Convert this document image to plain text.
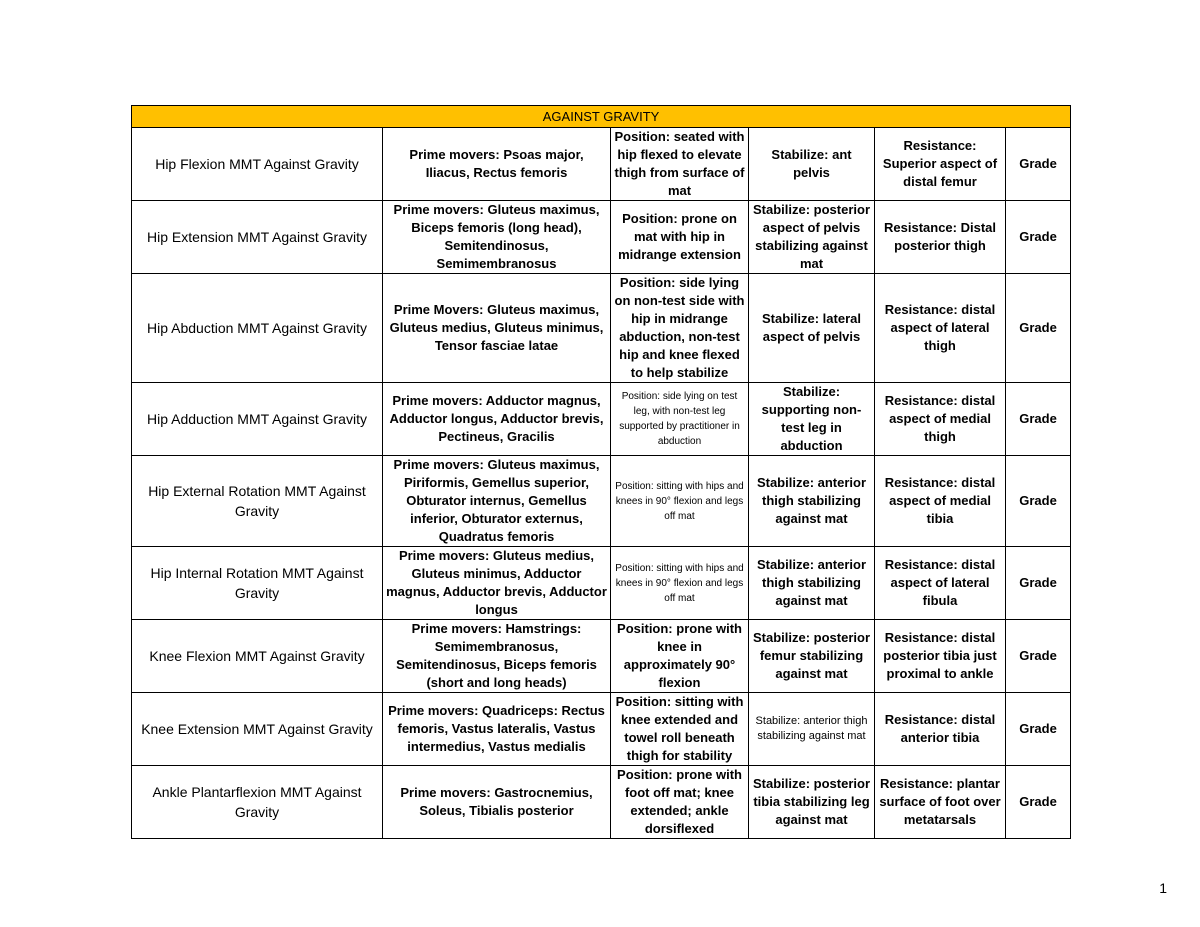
AGAINST GRAVITY					
Hip Flexion MMT Against Gravity	Prime movers: Psoas major, Iliacus, Rectus femoris	Position: seated with hip flexed to elevate thigh from surface of mat	Stabilize: ant pelvis	Resistance: Superior aspect of distal femur	Grade
Hip Extension MMT Against Gravity	Prime movers: Gluteus maximus, Biceps femoris (long head), Semitendinosus, Semimembranosus	Position: prone on mat with hip in midrange extension	Stabilize: posterior aspect of pelvis stabilizing against mat	Resistance: Distal posterior thigh	Grade
Hip Abduction MMT Against Gravity	Prime Movers: Gluteus maximus, Gluteus medius, Gluteus minimus, Tensor fasciae latae	Position: side lying on non-test side with hip in midrange abduction, non-test hip and knee flexed to help stabilize	Stabilize: lateral aspect of pelvis	Resistance: distal aspect of lateral thigh	Grade
Hip Adduction MMT Against Gravity	Prime movers: Adductor magnus, Adductor longus, Adductor brevis, Pectineus, Gracilis	Position: side lying on test leg, with non-test leg supported by practitioner in abduction	Stabilize: supporting non-test leg in abduction	Resistance: distal aspect of medial thigh	Grade
Hip External Rotation MMT Against Gravity	Prime movers: Gluteus maximus, Piriformis, Gemellus superior, Obturator internus, Gemellus inferior, Obturator externus, Quadratus femoris	Position: sitting with hips and knees in 90° flexion and legs off mat	Stabilize: anterior thigh stabilizing against mat	Resistance: distal aspect of medial tibia	Grade
Hip Internal Rotation MMT Against Gravity	Prime movers: Gluteus medius, Gluteus minimus, Adductor magnus, Adductor brevis, Adductor longus	Position: sitting with hips and knees in 90° flexion and legs off mat	Stabilize: anterior thigh stabilizing against mat	Resistance: distal aspect of lateral fibula	Grade
Knee Flexion MMT Against Gravity	Prime movers: Hamstrings: Semimembranosus, Semitendinosus, Biceps femoris (short and long heads)	Position: prone with knee in approximately 90° flexion	Stabilize: posterior femur stabilizing against mat	Resistance: distal posterior tibia just proximal to ankle	Grade
Knee Extension MMT Against Gravity	Prime movers: Quadriceps: Rectus femoris, Vastus lateralis, Vastus intermedius, Vastus medialis	Position: sitting with knee extended and towel roll beneath thigh for stability	Stabilize: anterior thigh stabilizing against mat	Resistance: distal anterior tibia	Grade
Ankle Plantarflexion MMT Against Gravity	Prime movers: Gastrocnemius, Soleus, Tibialis posterior	Position: prone with foot off mat; knee extended; ankle dorsiflexed	Stabilize: posterior tibia stabilizing leg against mat	Resistance: plantar surface of foot over metatarsals	Grade
1
